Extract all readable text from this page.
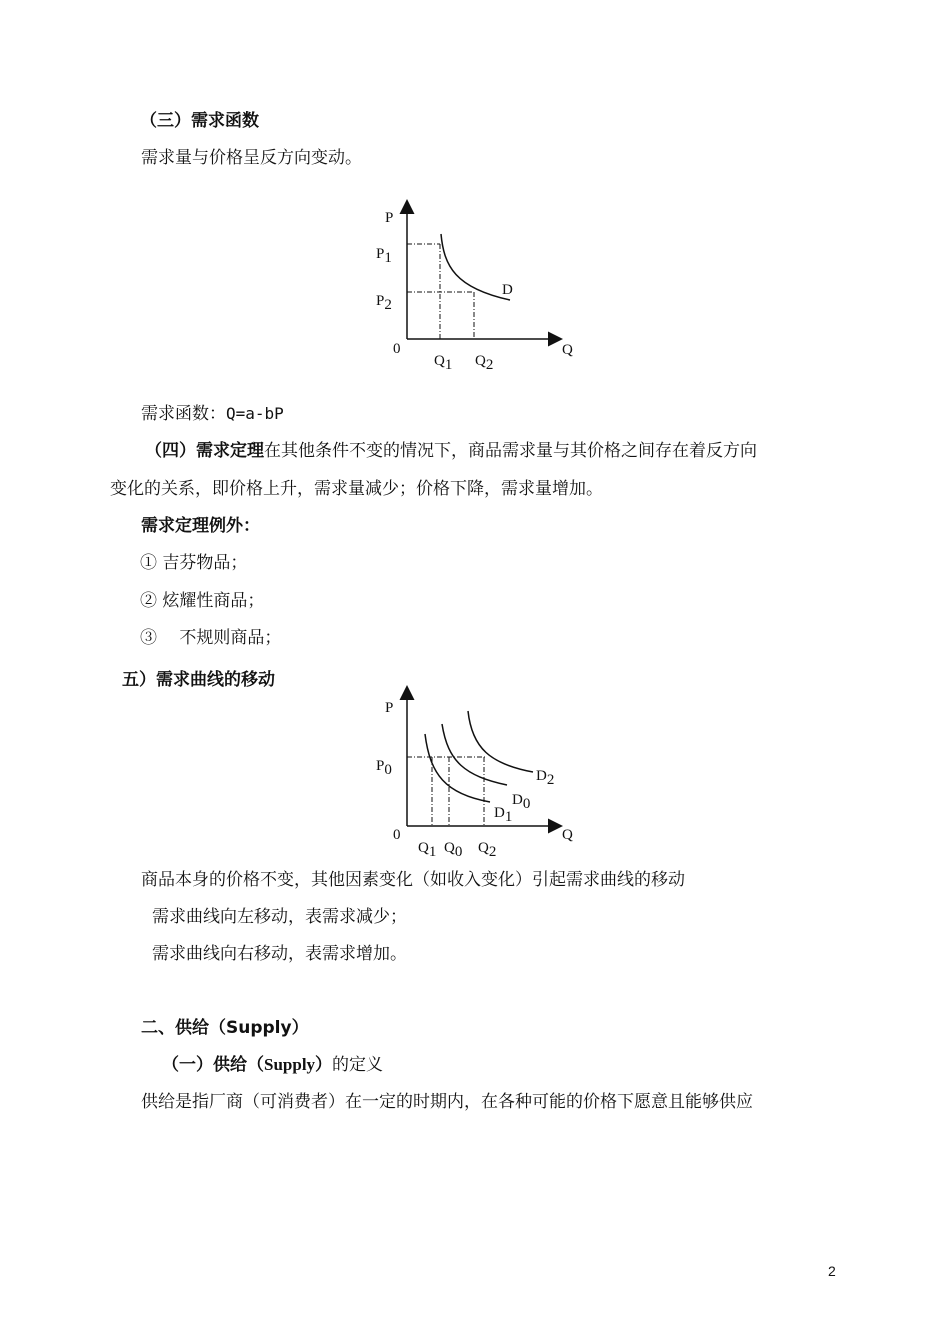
（三）需求函数
需求量与价格呈反方向变动。
P
Q
0
P1
P2
Q1 Q2
D
需求函数：Q=a-bP
（四）需求定理在其他条件不变的情况下，商品需求量与其价格之间存在着反方向
变化的关系，即价格上升，需求量减少；价格下降，需求量增加。
需求定理例外：
① 吉芬物品；
② 炫耀性商品；
③　 不规则商品；
五）需求曲线的移动
P
Q
0
P0
Q1 Q0 Q2
D2
D0
D1
商品本身的价格不变，其他因素变化（如收入变化）引起需求曲线的移动
需求曲线向左移动，表需求减少；
需求曲线向右移动，表需求增加。
二、供给（Supply）
（一）供给（Supply）的定义
供给是指厂商（可消费者）在一定的时期内，在各种可能的价格下愿意且能够供应
2
